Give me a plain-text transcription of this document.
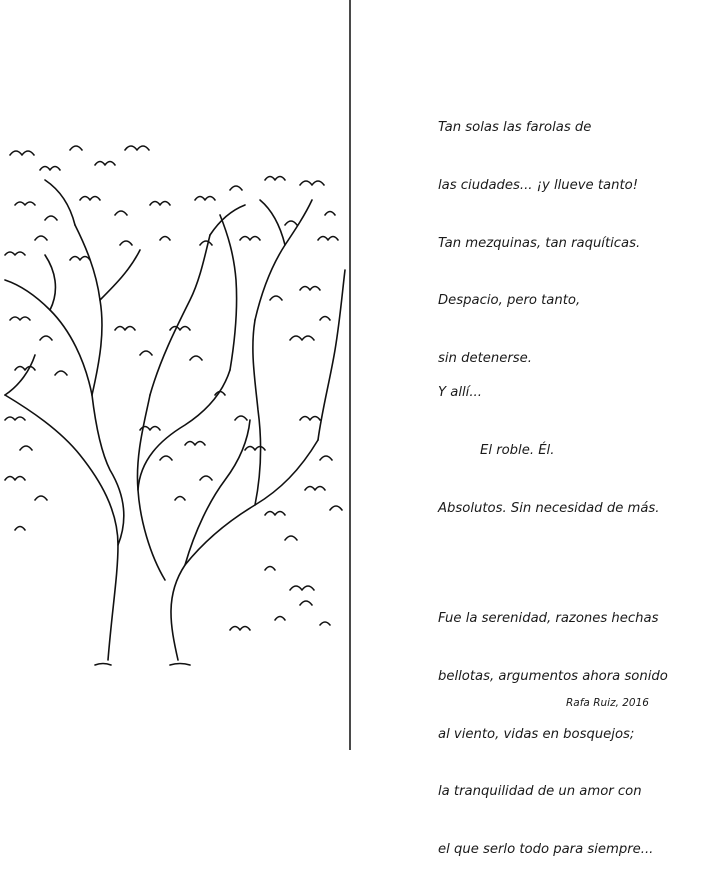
Tan solas las farolas de

las ciudades... ¡y llueve tanto!

Tan mezquinas, tan raquíticas.

Despacio, pero tanto,

sin detenerse.

Y allí...

El roble. Él.

Absolutos. Sin necesidad de más.

Fue la serenidad, razones hechas

bellotas, argumentos ahora sonido

al viento, vidas en bosquejos;

la tranquilidad de un amor con

el que serlo todo para siempre...

Rafa Ruiz, 2016
